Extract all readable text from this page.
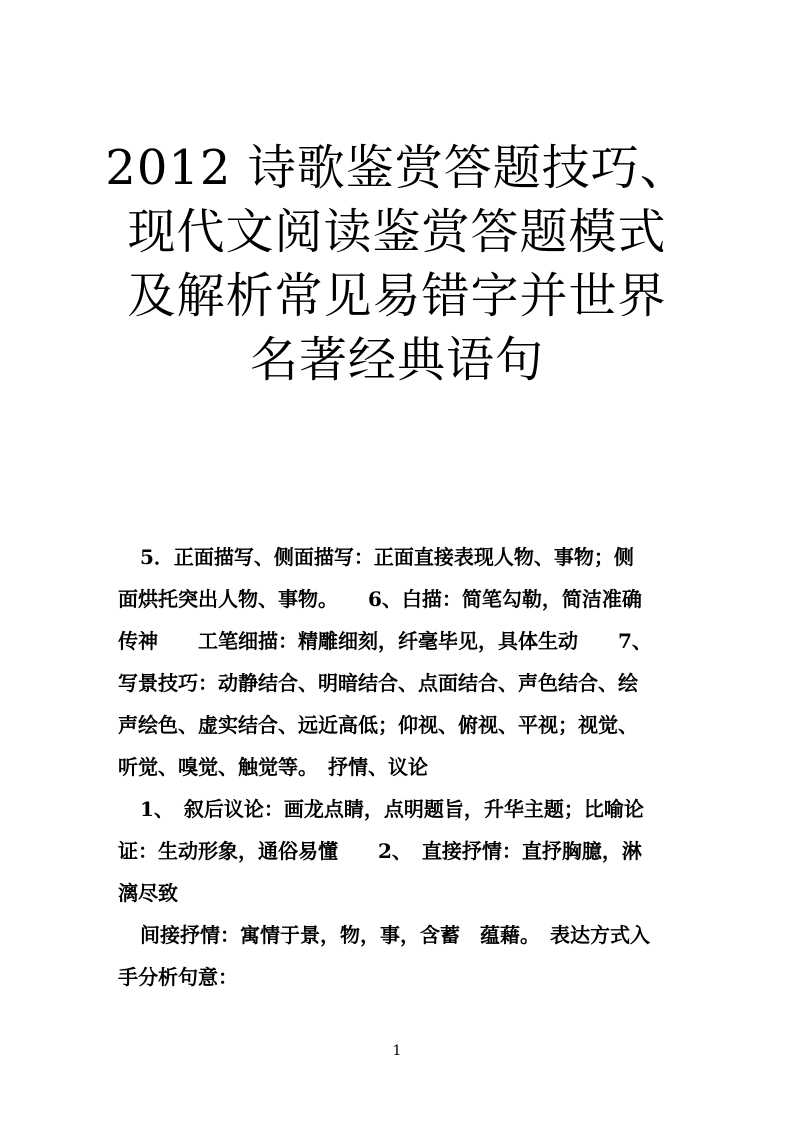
2012 诗歌鉴赏答题技巧、
现代文阅读鉴赏答题模式
及解析常见易错字并世界
名著经典语句
5．正面描写、侧面描写：正面直接表现人物、事物；侧
面烘托突出人物、事物。　　6、白描：简笔勾勒，简洁准确
传神　　工笔细描：精雕细刻，纤毫毕见，具体生动　　7、
写景技巧：动静结合、明暗结合、点面结合、声色结合、绘
声绘色、虚实结合、远近高低；仰视、俯视、平视；视觉、
听觉、嗅觉、触觉等。　抒情、议论
1、　叙后议论：画龙点睛，点明题旨，升华主题；比喻论
证：生动形象，通俗易懂　　2、　直接抒情：直抒胸臆，淋
漓尽致
间接抒情：寓情于景，物，事，含蓄　蕴藉。　表达方式入
手分析句意：
1
